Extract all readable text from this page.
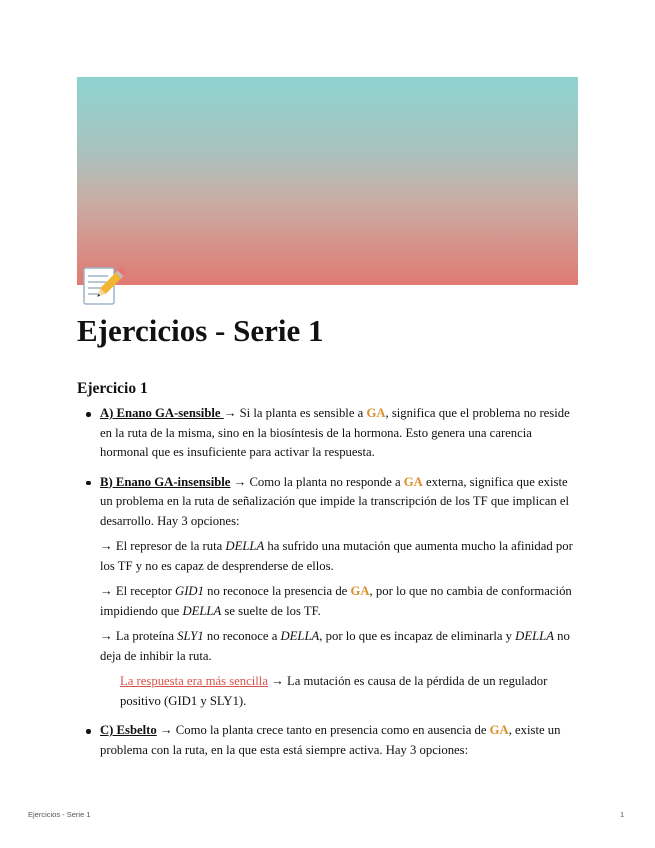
Ejercicios - Serie 1
Ejercicio 1
A) Enano GA-sensible → Si la planta es sensible a GA, significa que el problema no reside en la ruta de la misma, sino en la biosíntesis de la hormona. Esto genera una carencia hormonal que es insuficiente para activar la respuesta.
B) Enano GA-insensible → Como la planta no responde a GA externa, significa que existe un problema en la ruta de señalización que impide la transcripción de los TF que implican el desarrollo. Hay 3 opciones:

→ El represor de la ruta DELLA ha sufrido una mutación que aumenta mucho la afinidad por los TF y no es capaz de desprenderse de ellos.

→ El receptor GID1 no reconoce la presencia de GA, por lo que no cambia de conformación impidiendo que DELLA se suelte de los TF.

→ La proteína SLY1 no reconoce a DELLA, por lo que es incapaz de eliminarla y DELLA no deja de inhibir la ruta.

La respuesta era más sencilla → La mutación es causa de la pérdida de un regulador positivo (GID1 y SLY1).

C) Esbelto → Como la planta crece tanto en presencia como en ausencia de GA, existe un problema con la ruta, en la que esta está siempre activa. Hay 3 opciones:
Ejercicios - Serie 1	1
